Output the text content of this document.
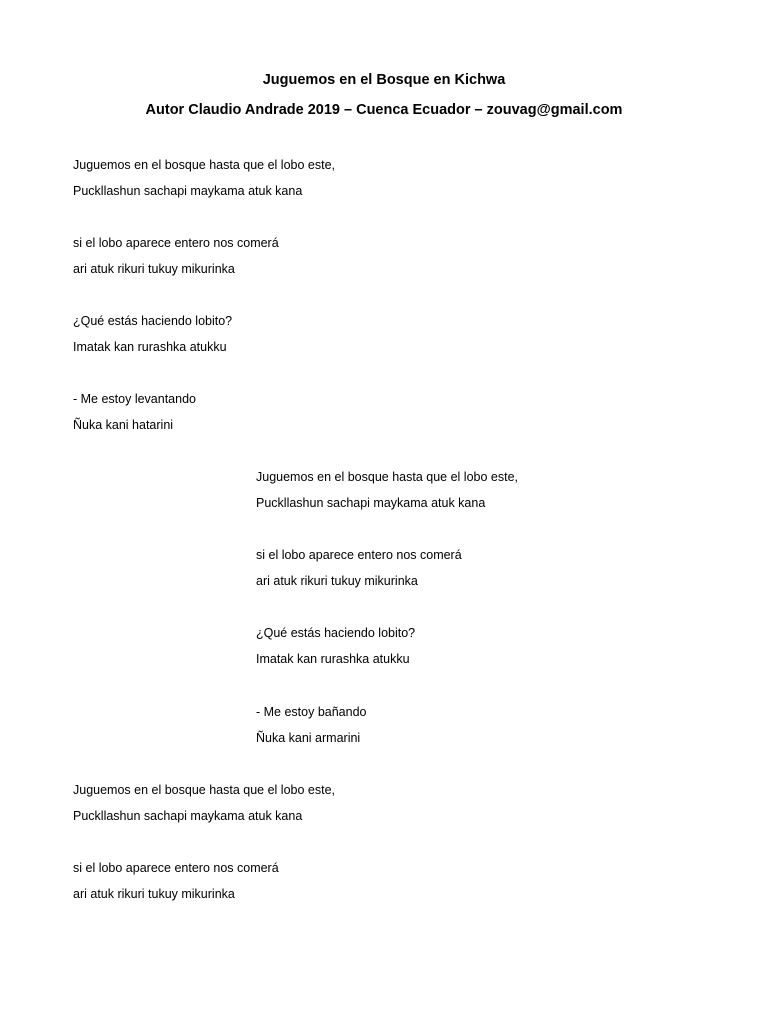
Juguemos en el Bosque en Kichwa
Autor Claudio Andrade 2019 – Cuenca Ecuador – zouvag@gmail.com
Juguemos en el bosque hasta que el lobo este,
Puckllashun sachapi maykama atuk kana
si el lobo aparece entero nos comerá
ari atuk rikuri tukuy mikurinka
¿Qué estás haciendo lobito?
Imatak kan rurashka atukku
- Me estoy levantando
Ñuka kani hatarini
Juguemos en el bosque hasta que el lobo este,
Puckllashun sachapi maykama atuk kana
si el lobo aparece entero nos comerá
ari atuk rikuri tukuy mikurinka
¿Qué estás haciendo lobito?
Imatak kan rurashka atukku
- Me estoy bañando
Ñuka kani armarini
Juguemos en el bosque hasta que el lobo este,
Puckllashun sachapi maykama atuk kana
si el lobo aparece entero nos comerá
ari atuk rikuri tukuy mikurinka
